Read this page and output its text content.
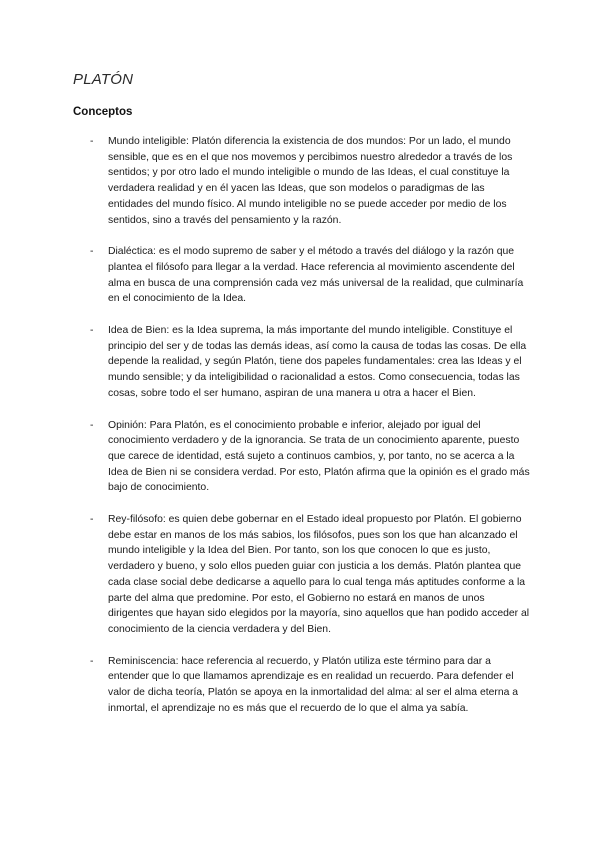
PLATÓN
Conceptos
-	Mundo inteligible: Platón diferencia la existencia de dos mundos: Por un lado, el mundo sensible, que es en el que nos movemos y percibimos nuestro alrededor a través de los sentidos; y por otro lado el mundo inteligible o mundo de las Ideas, el cual constituye la verdadera realidad y en él yacen las Ideas, que son modelos o paradigmas de las entidades del mundo físico. Al mundo inteligible no se puede acceder por medio de los sentidos, sino a través del pensamiento y la razón.
-	Dialéctica: es el modo supremo de saber y el método a través del diálogo y la razón que plantea el filósofo para llegar a la verdad. Hace referencia al movimiento ascendente del alma en busca de una comprensión cada vez más universal de la realidad, que culminaría en el conocimiento de la Idea.
-	Idea de Bien: es la Idea suprema, la más importante del mundo inteligible. Constituye el principio del ser y de todas las demás ideas, así como la causa de todas las cosas. De ella depende la realidad, y según Platón, tiene dos papeles fundamentales: crea las Ideas y el mundo sensible; y da inteligibilidad o racionalidad a estos. Como consecuencia, todas las cosas, sobre todo el ser humano, aspiran de una manera u otra a hacer el Bien.
-	Opinión: Para Platón, es el conocimiento probable e inferior, alejado por igual del conocimiento verdadero y de la ignorancia. Se trata de un conocimiento aparente, puesto que carece de identidad, está sujeto a continuos cambios, y, por tanto, no se acerca a la Idea de Bien ni se considera verdad. Por esto, Platón afirma que la opinión es el grado más bajo de conocimiento.
-	Rey-filósofo: es quien debe gobernar en el Estado ideal propuesto por Platón. El gobierno debe estar en manos de los más sabios, los filósofos, pues son los que han alcanzado el mundo inteligible y la Idea del Bien. Por tanto, son los que conocen lo que es justo, verdadero y bueno, y solo ellos pueden guiar con justicia a los demás. Platón plantea que cada clase social debe dedicarse a aquello para lo cual tenga más aptitudes conforme a la parte del alma que predomine. Por esto, el Gobierno no estará en manos de unos dirigentes que hayan sido elegidos por la mayoría, sino aquellos que han podido acceder al conocimiento de la ciencia verdadera y del Bien.
-	Reminiscencia: hace referencia al recuerdo, y Platón utiliza este término para dar a entender que lo que llamamos aprendizaje es en realidad un recuerdo. Para defender el valor de dicha teoría, Platón se apoya en la inmortalidad del alma: al ser el alma eterna a inmortal, el aprendizaje no es más que el recuerdo de lo que el alma ya sabía.
